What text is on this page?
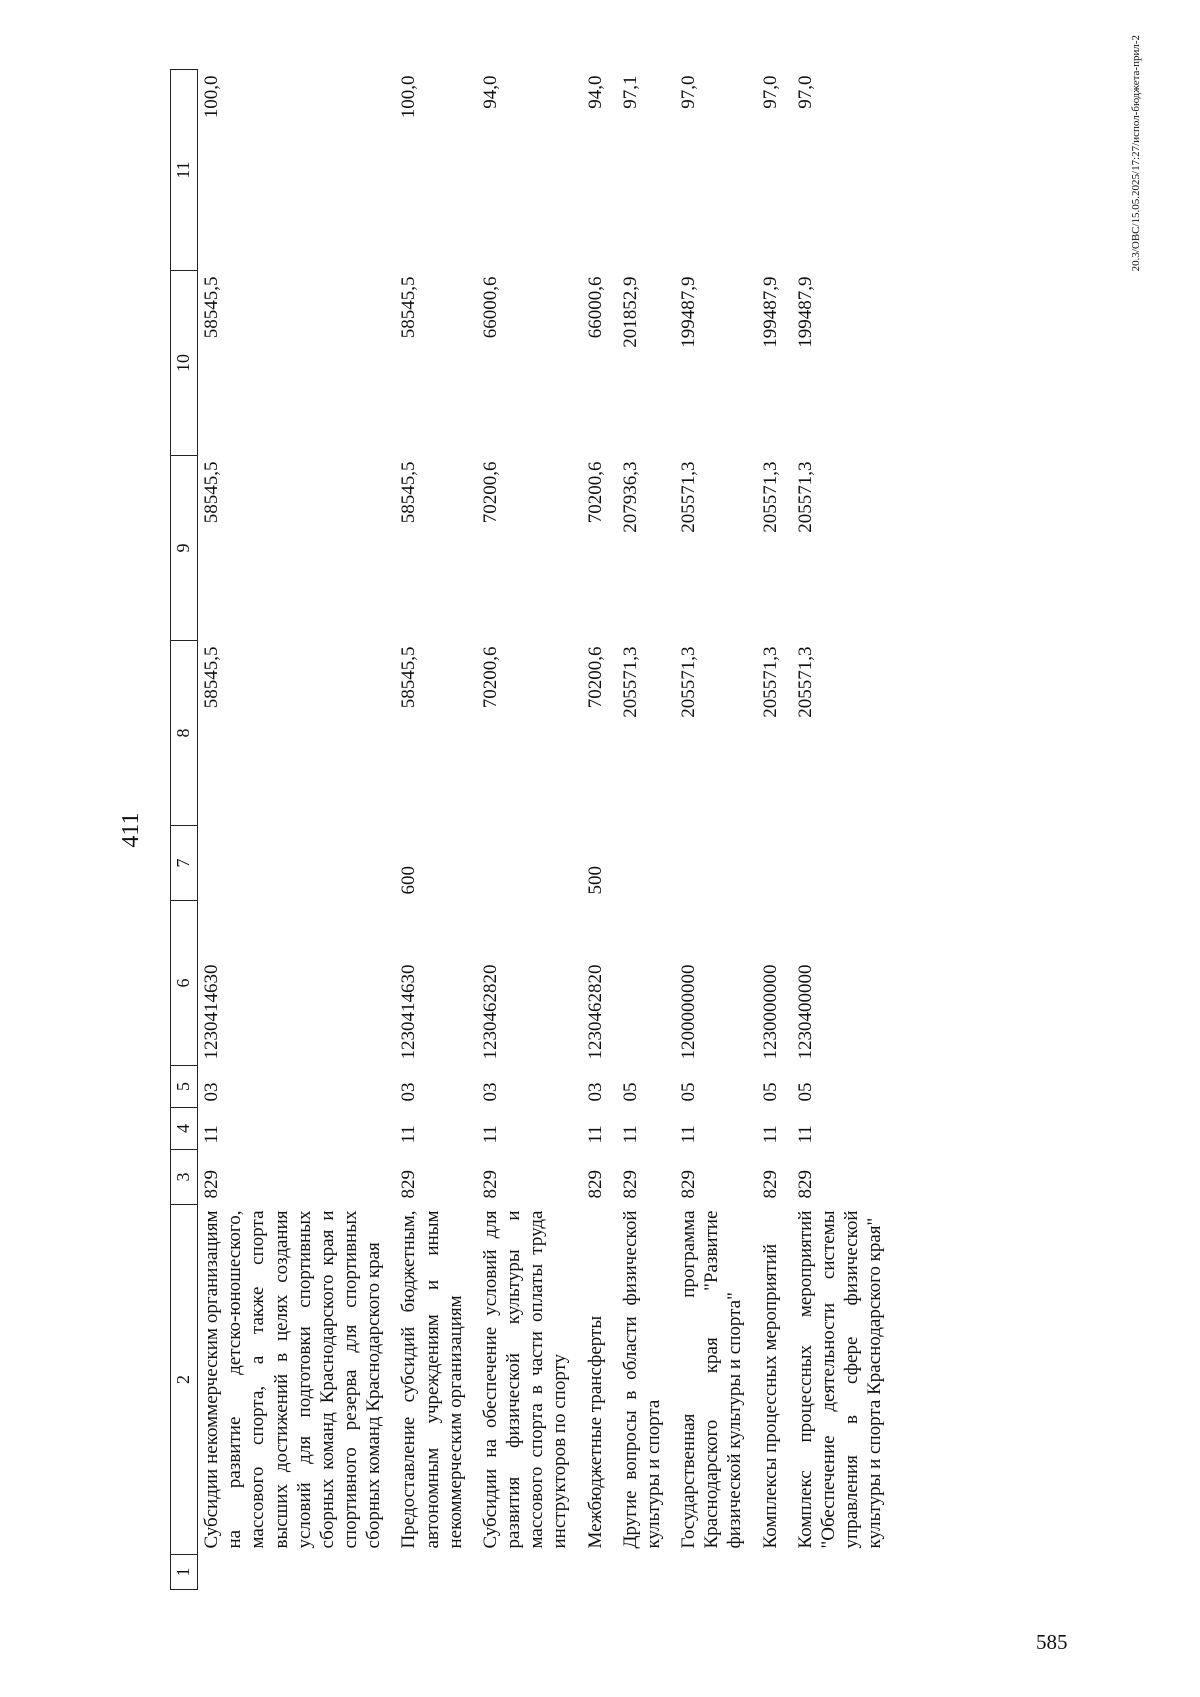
411
1	2	3	4	5	6	7	8	9	10	11
	Субсидии некоммерческим организациям на развитие детско-юношеского, массового спорта, а также спорта высших достижений в целях создания условий для подготовки спортивных сборных команд Краснодарского края и спортивного резерва для спортивных сборных команд Краснодарского края	829	11	03	1230414630		58545,5	58545,5	58545,5	100,0
	Предоставление субсидий бюджетным, автономным учреждениям и иным некоммерческим организациям	829	11	03	1230414630	600	58545,5	58545,5	58545,5	100,0
	Субсидии на обеспечение условий для развития физической культуры и массового спорта в части оплаты труда инструкторов по спорту	829	11	03	1230462820		70200,6	70200,6	66000,6	94,0
	Межбюджетные трансферты	829	11	03	1230462820	500	70200,6	70200,6	66000,6	94,0
	Другие вопросы в области физической культуры и спорта	829	11	05			205571,3	207936,3	201852,9	97,1
	Государственная программа Краснодарского края "Развитие физической культуры и спорта"	829	11	05	1200000000		205571,3	205571,3	199487,9	97,0
	Комплексы процессных мероприятий	829	11	05	1230000000		205571,3	205571,3	199487,9	97,0
	Комплекс процессных мероприятий "Обеспечение деятельности системы управления в сфере физической культуры и спорта Краснодарского края"	829	11	05	1230400000		205571,3	205571,3	199487,9	97,0	20.3/ОВС/15.05.2025/17:27/испол-бюджета-прил-2
585
